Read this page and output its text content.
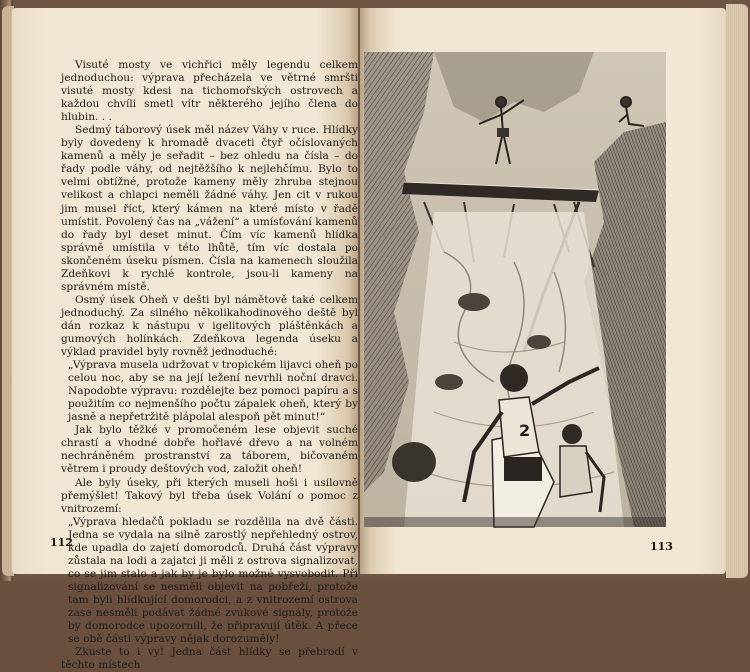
Visuté mosty ve vichřici měly legendu celkem jednoduchou: výprava přecházela ve větrné smršti visuté mosty kdesi na tichomořských ostrovech a každou chvíli smetl vítr některého jejího člena do hlubin. . .

Sedmý táborový úsek měl název Váhy v ruce. Hlídky byly dovedeny k hromadě dvaceti čtyř očíslovaných kamenů a měly je seřadit – bez ohledu na čísla – do řady podle váhy, od nejtěžšího k nejlehčímu. Bylo to velmi obtížné, protože kameny měly zhruba stejnou velikost a chlapci neměli žádné váhy. Jen cit v rukou jim musel říct, který kámen na které místo v řadě umístit. Povolený čas na „vážení“ a umísťování kamenů do řady byl deset minut. Čím víc kamenů hlídka správně umístila v této lhůtě, tím víc dostala po skončeném úseku písmen. Čísla na kamenech sloužila Zdeňkovi k rychlé kontrole, jsou-li kameny na správném místě.

Osmý úsek Oheň v dešti byl námětově také celkem jednoduchý. Za silného několikahodinového deště byl dán rozkaz k nástupu v igelitových pláštěnkách a gumových holínkách. Zdeňkova legenda úseku a výklad pravidel byly rovněž jednoduché:

„Výprava musela udržovat v tropickém lijavci oheň po celou noc, aby se na její ležení nevrhli noční dravci. Napodobte výpravu: rozdělejte bez pomoci papíru a s použitím co nejmenšího počtu zápalek oheň, který by jasně a nepřetržitě plápolal alespoň pět minut!“

Jak bylo těžké v promočeném lese objevit suché chrastí a vhodné dobře hořlavé dřevo a na volném nechráněném prostranství za táborem, bičovaném větrem i proudy deštových vod, založit oheň!

Ale byly úseky, při kterých museli hoši i usilovně přemýšlet! Takový byl třeba úsek Volání o pomoc z vnitrozemí:

„Výprava hledačů pokladu se rozdělila na dvě části. Jedna se vydala na silně zarostlý nepřehledný ostrov, kde upadla do zajetí domorodců. Druhá část výpravy zůstala na lodi a zajatci ji měli z ostrova signalizovat, co se jim stalo a jak by je bylo možné vysvobodit. Při signalizování se nesměli objevit na pobřeží, protože tam byli hlídkující domorodci, a z vnitrozemí ostrova zase nesměli podávat žádné zvukové signály, protože by domorodce upozornili, že připravují útěk. A přece se obě části výpravy nějak dorozuměly!

Zkuste to i vy! Jedna část hlídky se přebrodí v těchto místech

112
2
113
